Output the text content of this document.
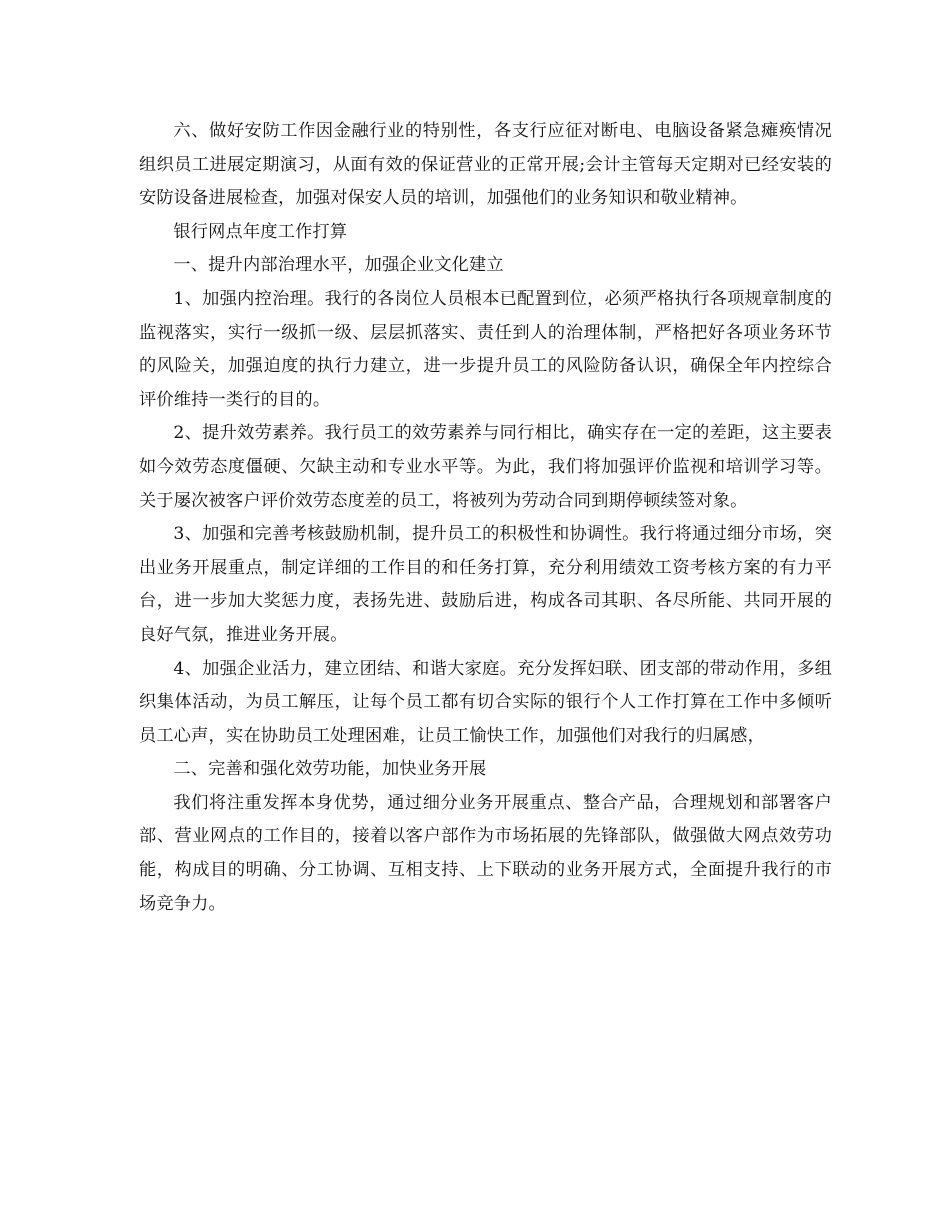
六、做好安防工作因金融行业的特别性，各支行应征对断电、电脑设备紧急瘫痪情况组织员工进展定期演习，从面有效的保证营业的正常开展;会计主管每天定期对已经安装的安防设备进展检查，加强对保安人员的培训，加强他们的业务知识和敬业精神。

银行网点年度工作打算

一、提升内部治理水平，加强企业文化建立

1、加强内控治理。我行的各岗位人员根本已配置到位，必须严格执行各项规章制度的监视落实，实行一级抓一级、层层抓落实、责任到人的治理体制，严格把好各项业务环节的风险关，加强迫度的执行力建立，进一步提升员工的风险防备认识，确保全年内控综合评价维持一类行的目的。

2、提升效劳素养。我行员工的效劳素养与同行相比，确实存在一定的差距，这主要表如今效劳态度僵硬、欠缺主动和专业水平等。为此，我们将加强评价监视和培训学习等。关于屡次被客户评价效劳态度差的员工，将被列为劳动合同到期停顿续签对象。

3、加强和完善考核鼓励机制，提升员工的积极性和协调性。我行将通过细分市场，突出业务开展重点，制定详细的工作目的和任务打算，充分利用绩效工资考核方案的有力平台，进一步加大奖惩力度，表扬先进、鼓励后进，构成各司其职、各尽所能、共同开展的良好气氛，推进业务开展。

4、加强企业活力，建立团结、和谐大家庭。充分发挥妇联、团支部的带动作用，多组织集体活动，为员工解压，让每个员工都有切合实际的银行个人工作打算在工作中多倾听员工心声，实在协助员工处理困难，让员工愉快工作，加强他们对我行的归属感，

二、完善和强化效劳功能，加快业务开展

我们将注重发挥本身优势，通过细分业务开展重点、整合产品，合理规划和部署客户部、营业网点的工作目的，接着以客户部作为市场拓展的先锋部队，做强做大网点效劳功能，构成目的明确、分工协调、互相支持、上下联动的业务开展方式，全面提升我行的市场竞争力。
